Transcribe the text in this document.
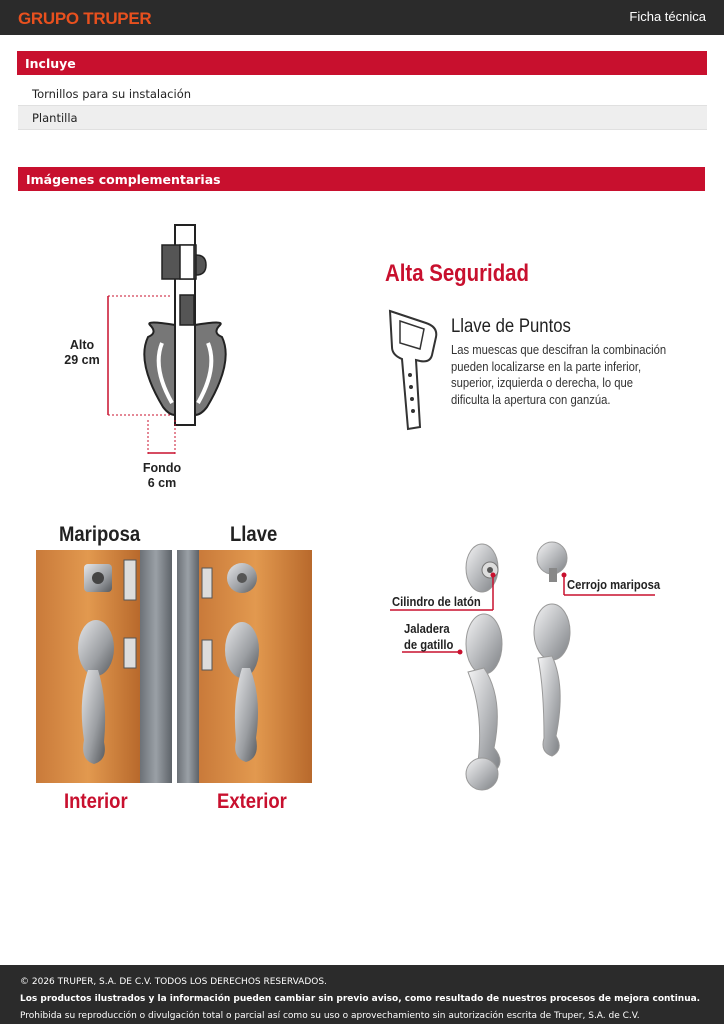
GRUPO TRUPER	Ficha técnica
Incluye
Tornillos para su instalación
Plantilla
Imágenes complementarias
Alto
29 cm
Fondo
6 cm
Alta Seguridad
Llave de Puntos
Las muescas que descifran la combinación pueden localizarse en la parte inferior, superior, izquierda o derecha, lo que dificulta la apertura con ganzúa.
Mariposa	Llave
Interior	Exterior
Cilindro de latón
Cerrojo mariposa
Jaladera
de gatillo
© 2026 TRUPER, S.A. DE C.V. TODOS LOS DERECHOS RESERVADOS.
Los productos ilustrados y la información pueden cambiar sin previo aviso, como resultado de nuestros procesos de mejora continua.
Prohibida su reproducción o divulgación total o parcial así como su uso o aprovechamiento sin autorización escrita de Truper, S.A. de C.V.
